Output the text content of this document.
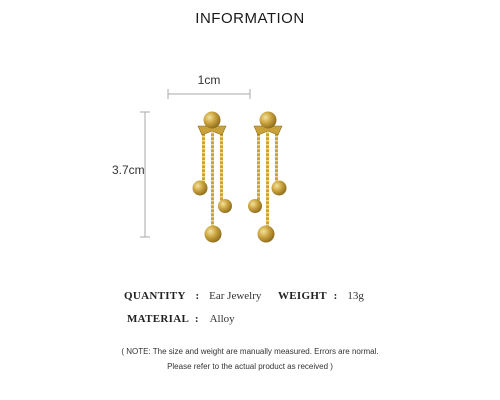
INFORMATION
1cm
3.7cm
QUANTITY : Ear Jewelry WEIGHT : 13g
MATERIAL : Alloy
( NOTE: The size and weight are manually measured. Errors are normal.
Please refer to the actual product as received )
